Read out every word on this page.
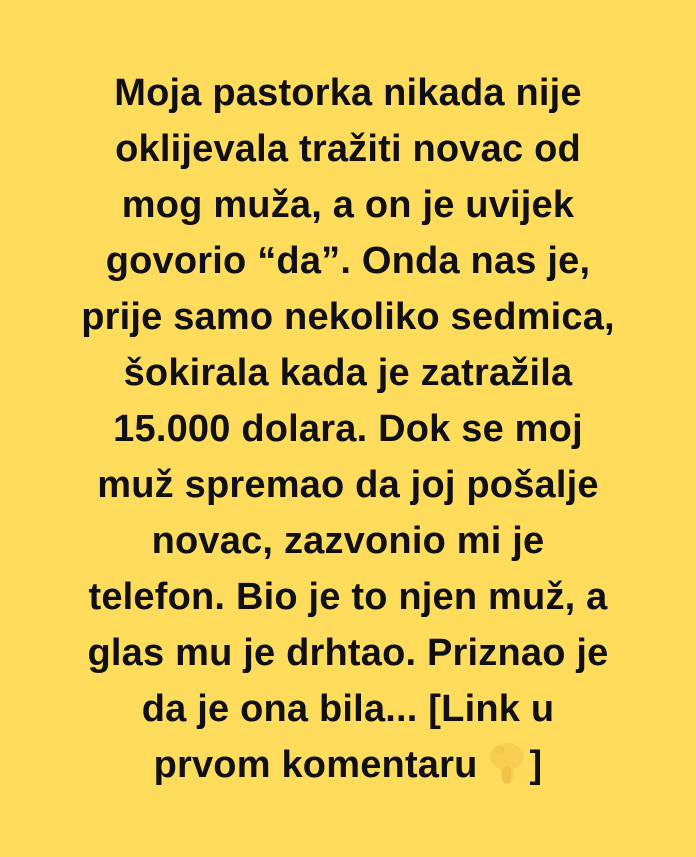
Moja pastorka nikada nije
oklijevala tražiti novac od
mog muža, a on je uvijek
govorio “da”. Onda nas je,
prije samo nekoliko sedmica,
šokirala kada je zatražila
15.000 dolara. Dok se moj
muž spremao da joj pošalje
novac, zazvonio mi je
telefon. Bio je to njen muž, a
glas mu je drhtao. Priznao je
da je ona bila... [Link u
prvom komentaru ]
